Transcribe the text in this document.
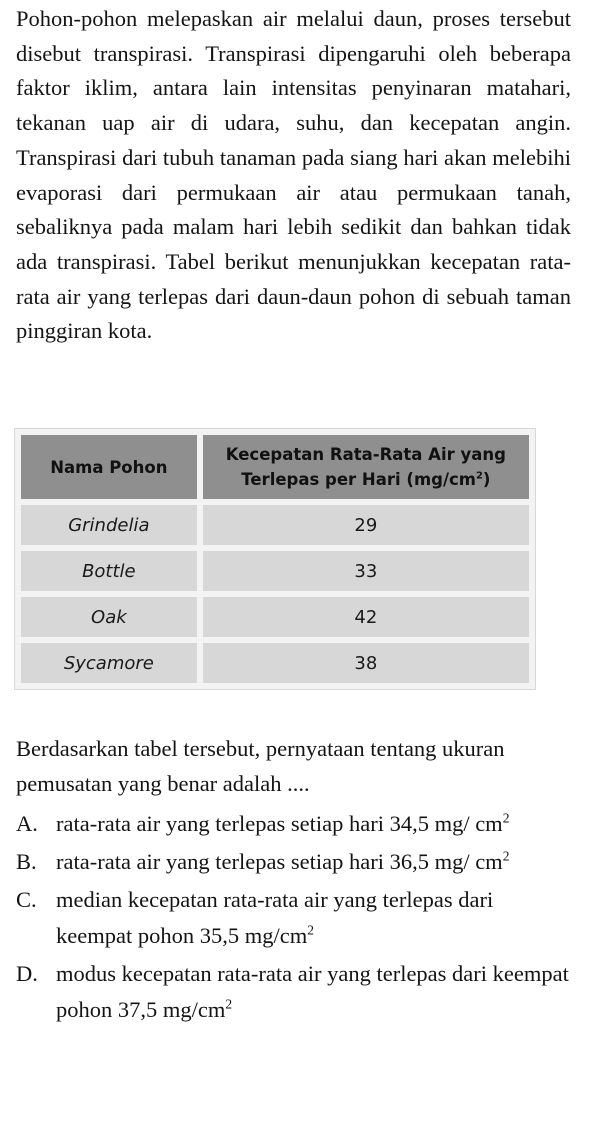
Pohon-pohon melepaskan air melalui daun, proses tersebut disebut transpirasi. Transpirasi dipengaruhi oleh beberapa faktor iklim, antara lain intensitas penyinaran matahari, tekanan uap air di udara, suhu, dan kecepatan angin. Transpirasi dari tubuh tanaman pada siang hari akan melebihi evaporasi dari permukaan air atau permukaan tanah, sebaliknya pada malam hari lebih sedikit dan bahkan tidak ada transpirasi. Tabel berikut menunjukkan kecepatan rata-rata air yang terlepas dari daun-daun pohon di sebuah taman pinggiran kota.

Nama Pohon	Kecepatan Rata-Rata Air yang
Terlepas per Hari $(mg/cm^2)$
Grindelia	29
Bottle	33
Oak	42
Sycamore	38

Berdasarkan tabel tersebut, pernyataan tentang ukuran pemusatan yang benar adalah ....

A. rata-rata air yang terlepas setiap hari 34,5 mg/ $cm^2$
B. rata-rata air yang terlepas setiap hari 36,5 mg/ $cm^2$
C. median kecepatan rata-rata air yang terlepas dari keempat pohon 35,5 $mg/cm^2$
D. modus kecepatan rata-rata air yang terlepas dari keempat pohon 37,5 $mg/cm^2$
